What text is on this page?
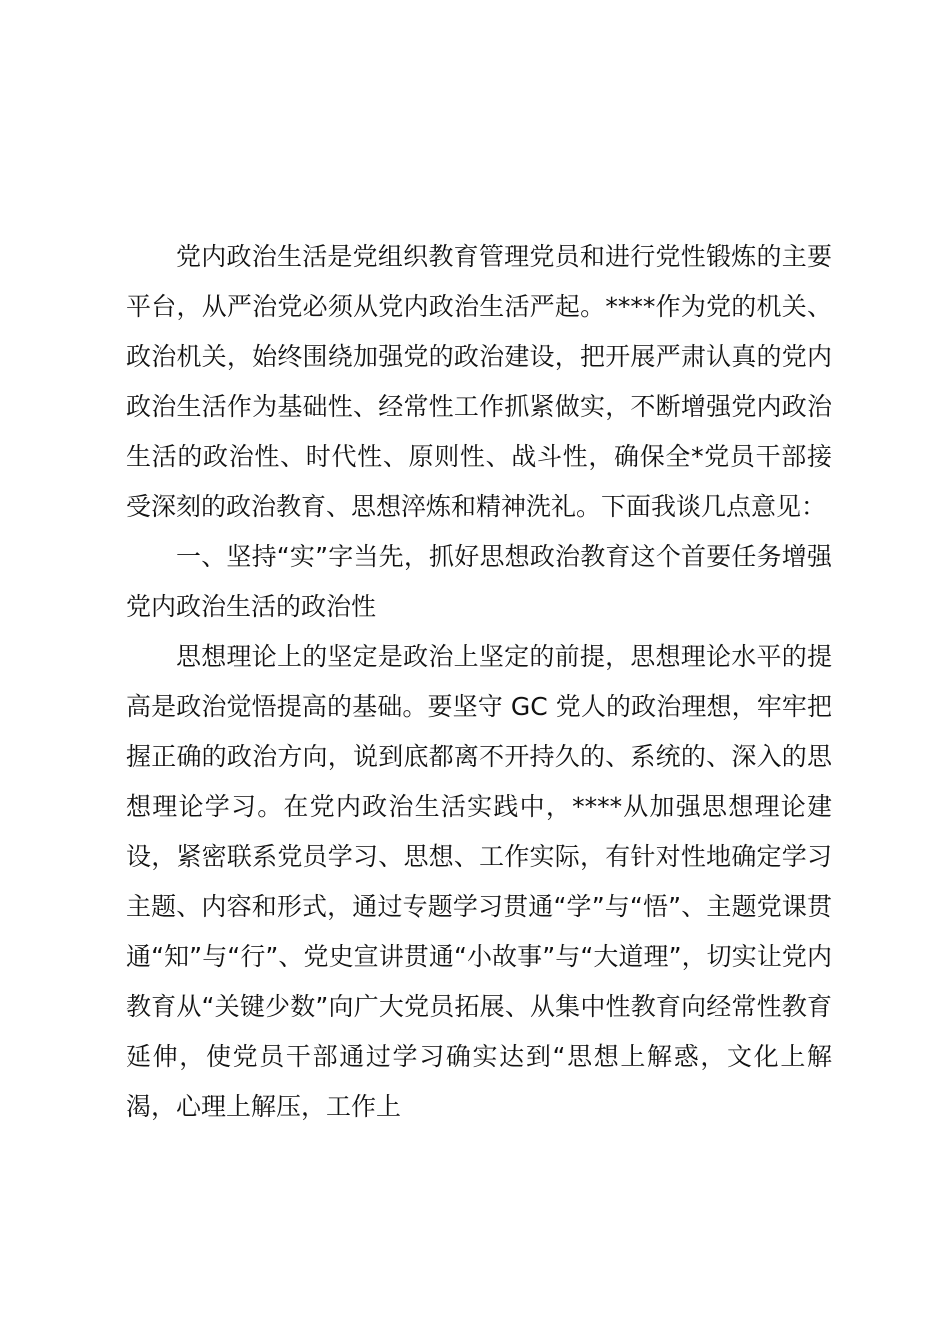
党内政治生活是党组织教育管理党员和进行党性锻炼的主要平台，从严治党必须从党内政治生活严起。****作为党的机关、政治机关，始终围绕加强党的政治建设，把开展严肃认真的党内政治生活作为基础性、经常性工作抓紧做实，不断增强党内政治生活的政治性、时代性、原则性、战斗性，确保全*党员干部接受深刻的政治教育、思想淬炼和精神洗礼。下面我谈几点意见：

一、坚持“实”字当先，抓好思想政治教育这个首要任务增强党内政治生活的政治性

思想理论上的坚定是政治上坚定的前提，思想理论水平的提高是政治觉悟提高的基础。要坚守 GC 党人的政治理想，牢牢把握正确的政治方向，说到底都离不开持久的、系统的、深入的思想理论学习。在党内政治生活实践中，****从加强思想理论建设，紧密联系党员学习、思想、工作实际，有针对性地确定学习主题、内容和形式，通过专题学习贯通“学”与“悟”、主题党课贯通“知”与“行”、党史宣讲贯通“小故事”与“大道理”，切实让党内教育从“关键少数”向广大党员拓展、从集中性教育向经常性教育延伸，使党员干部通过学习确实达到“思想上解惑，文化上解渴，心理上解压，工作上
